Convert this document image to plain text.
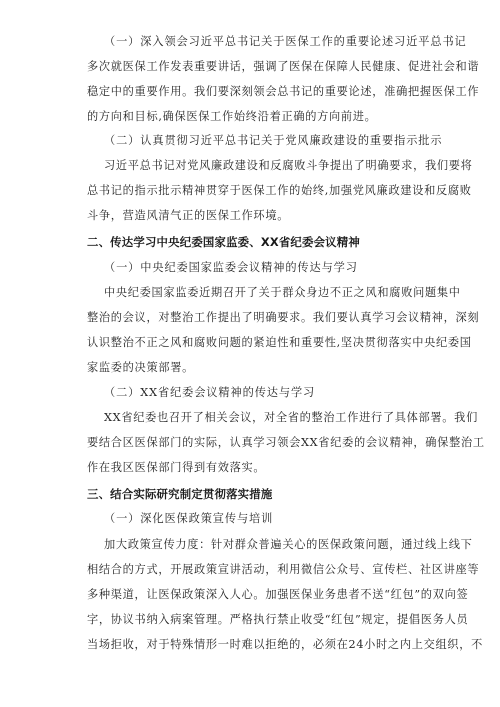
（一）深入领会习近平总书记关于医保工作的重要论述习近平总书记
多次就医保工作发表重要讲话，强调了医保在保障人民健康、促进社会和谐
稳定中的重要作用。我们要深刻领会总书记的重要论述，准确把握医保工作
的方向和目标,确保医保工作始终沿着正确的方向前进。
（二）认真贯彻习近平总书记关于党风廉政建设的重要指示批示
习近平总书记对党风廉政建设和反腐败斗争提出了明确要求，我们要将
总书记的指示批示精神贯穿于医保工作的始终,加强党风廉政建设和反腐败
斗争，营造风清气正的医保工作环境。
二、传达学习中央纪委国家监委、XX省纪委会议精神
（一）中央纪委国家监委会议精神的传达与学习
中央纪委国家监委近期召开了关于群众身边不正之风和腐败问题集中
整治的会议，对整治工作提出了明确要求。我们要认真学习会议精神，深刻
认识整治不正之风和腐败问题的紧迫性和重要性,坚决贯彻落实中央纪委国
家监委的决策部署。
（二）XX省纪委会议精神的传达与学习
XX省纪委也召开了相关会议，对全省的整治工作进行了具体部署。我们
要结合区医保部门的实际，认真学习领会XX省纪委的会议精神，确保整治工
作在我区医保部门得到有效落实。
三、结合实际研究制定贯彻落实措施
（一）深化医保政策宣传与培训
加大政策宣传力度：针对群众普遍关心的医保政策问题，通过线上线下
相结合的方式，开展政策宣讲活动，利用微信公众号、宣传栏、社区讲座等
多种渠道，让医保政策深入人心。加强医保业务患者不送“红包”的双向签
字，协议书纳入病案管理。严格执行禁止收受“红包”规定，提倡医务人员
当场拒收，对于特殊情形一时难以拒绝的，必须在24小时之内上交组织，不
